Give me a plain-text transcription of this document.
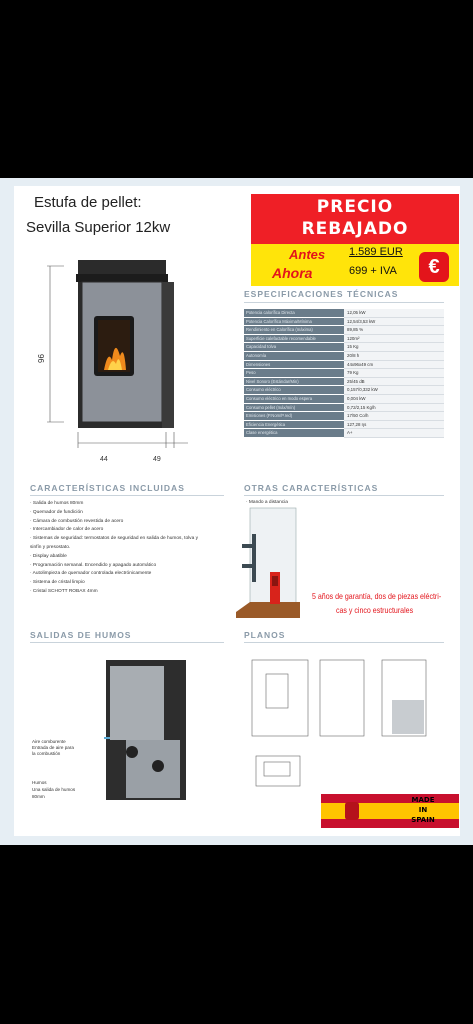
Estufa de pellet:
Sevilla Superior 12kw
PRECIO
REBAJADO
Antes 1.589 EUR
Ahora	699 + IVA	€
96
44	49
ESPECIFICACIONES TÉCNICAS
Potencia calorífica Directa	12,05 kW
Potencia Calorífica Máxima/Mínima	12,54/3,53 kW
Rendimiento en Calorífica (máxima)	89,85 %
Superficie calefactable recomendable	120m²
Capacidad tolva	15 Kg
Autonomía	20/8 h
Dimensiones	44x96x49 cm
Peso	79 Kg
Nivel Sonoro (Estándar/Min)	25/45 dB
Consumo eléctrico	0,157/0,332 kW
Consumo eléctrico en modo espera	0,004 kW
Consumo pellet (máx/mín)	0,72/2,15 Kg/h
Emisiones (P.Nom/P.red)	17/50 Co/h
Eficiencia Energética	127,28 ηs
Clase energética	A+
CARACTERÍSTICAS INCLUIDAS
· Salida de humos 80mm
· Quemador de fundición
· Cámara de combustión revestida de acero
· Intercambiador de calor de acero
· Sistemas de seguridad: termostatos de seguridad en salida de humos, tolva y
sinfín y presostato.
· Display abatible
· Programación semanal. Encendido y apagado automático
· Autolimpieza de quemador controlada electrónicamente
· Sistema de cristal limpio
· Cristal SCHOTT ROBAX 4mm
OTRAS CARACTERÍSTICAS
· Mando a distancia
5 años de garantía, dos de piezas eléctri-
cas y cinco estructurales
SALIDAS DE HUMOS
Aire comburente
Entrada de aire para
la combustión
Humos
Una salida de humos
80mm
PLANOS
MADE
IN
SPAIN
